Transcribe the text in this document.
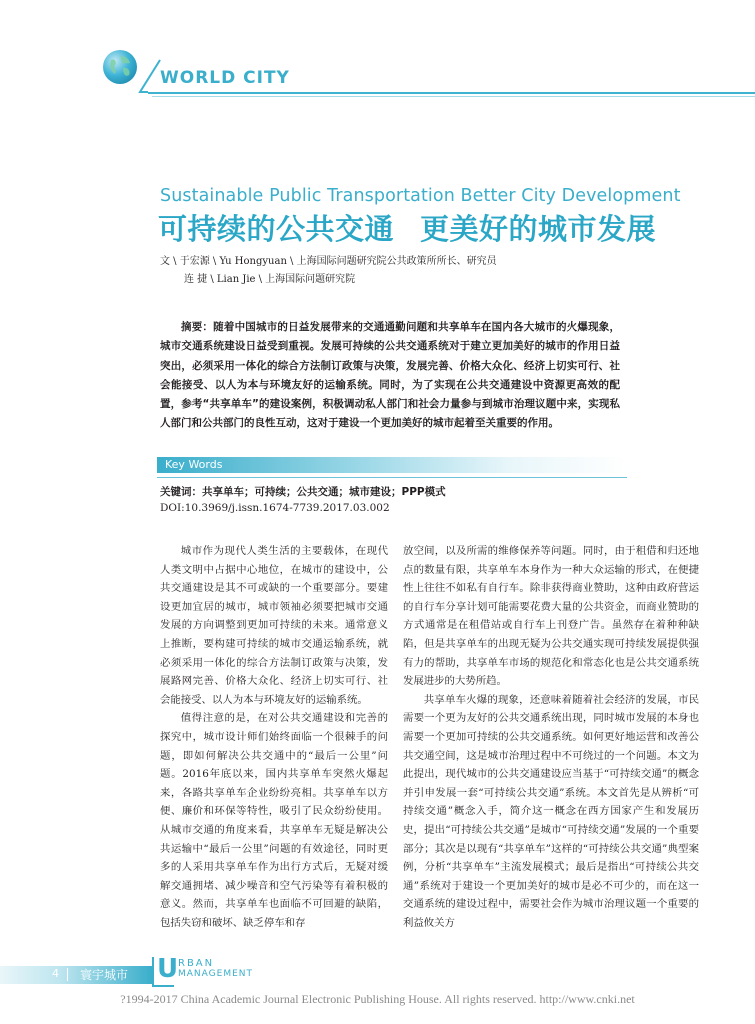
WORLD CITY
Sustainable Public Transportation Better City Development
可持续的公共交通 更美好的城市发展
文 \ 于宏源 \ Yu Hongyuan \ 上海国际问题研究院公共政策所所长、研究员
连 捷 \ Lian Jie \ 上海国际问题研究院
摘要：随着中国城市的日益发展带来的交通通勤问题和共享单车在国内各大城市的火爆现象，城市交通系统建设日益受到重视。发展可持续的公共交通系统对于建立更加美好的城市的作用日益突出，必须采用一体化的综合方法制订政策与决策，发展完善、价格大众化、经济上切实可行、社会能接受、以人为本与环境友好的运输系统。同时，为了实现在公共交通建设中资源更高效的配置，参考“共享单车”的建设案例，积极调动私人部门和社会力量参与到城市治理议题中来，实现私人部门和公共部门的良性互动，这对于建设一个更加美好的城市起着至关重要的作用。
Key Words
关键词：共享单车；可持续；公共交通；城市建设；PPP模式
DOI:10.3969/j.issn.1674-7739.2017.03.002

城市作为现代人类生活的主要载体，在现代人类文明中占据中心地位，在城市的建设中，公共交通建设是其不可或缺的一个重要部分。要建设更加宜居的城市，城市领袖必须要把城市交通发展的方向调整到更加可持续的未来。通常意义上推断，要构建可持续的城市交通运输系统，就必须采用一体化的综合方法制订政策与决策，发展路网完善、价格大众化、经济上切实可行、社会能接受、以人为本与环境友好的运输系统。

值得注意的是，在对公共交通建设和完善的探究中，城市设计师们始终面临一个很棘手的问题，即如何解决公共交通中的“最后一公里”问题。2016年底以来，国内共享单车突然火爆起来，各路共享单车企业纷纷亮相。共享单车以方便、廉价和环保等特性，吸引了民众纷纷使用。从城市交通的角度来看，共享单车无疑是解决公共运输中“最后一公里”问题的有效途径，同时更多的人采用共享单车作为出行方式后，无疑对缓解交通拥堵、减少噪音和空气污染等有着积极的意义。然而，共享单车也面临不可回避的缺陷，包括失窃和破坏、缺乏停车和存

放空间，以及所需的维修保养等问题。同时，由于租借和归还地点的数量有限，共享单车本身作为一种大众运输的形式，在便捷性上往往不如私有自行车。除非获得商业赞助，这种由政府营运的自行车分享计划可能需要花费大量的公共资金，而商业赞助的方式通常是在租借站或自行车上刊登广告。虽然存在着种种缺陷，但是共享单车的出现无疑为公共交通实现可持续发展提供强有力的帮助，共享单车市场的规范化和常态化也是公共交通系统发展进步的大势所趋。

共享单车火爆的现象，还意味着随着社会经济的发展，市民需要一个更为友好的公共交通系统出现，同时城市发展的本身也需要一个更加可持续的公共交通系统。如何更好地运营和改善公共交通空间，这是城市治理过程中不可绕过的一个问题。本文为此提出，现代城市的公共交通建设应当基于“可持续交通”的概念并引申发展一套“可持续公共交通”系统。本文首先是从辨析“可持续交通”概念入手，简介这一概念在西方国家产生和发展历史，提出“可持续公共交通”是城市“可持续交通”发展的一个重要部分；其次是以现有“共享单车”这样的“可持续公共交通”典型案例，分析“共享单车”主流发展模式；最后是指出“可持续公共交通”系统对于建设一个更加美好的城市是必不可少的，而在这一交通系统的建设过程中，需要社会作为城市治理议题一个重要的利益攸关方

4 寰宇城市 U RBAN
MANAGEMENT
?1994-2017 China Academic Journal Electronic Publishing House. All rights reserved. http://www.cnki.net
